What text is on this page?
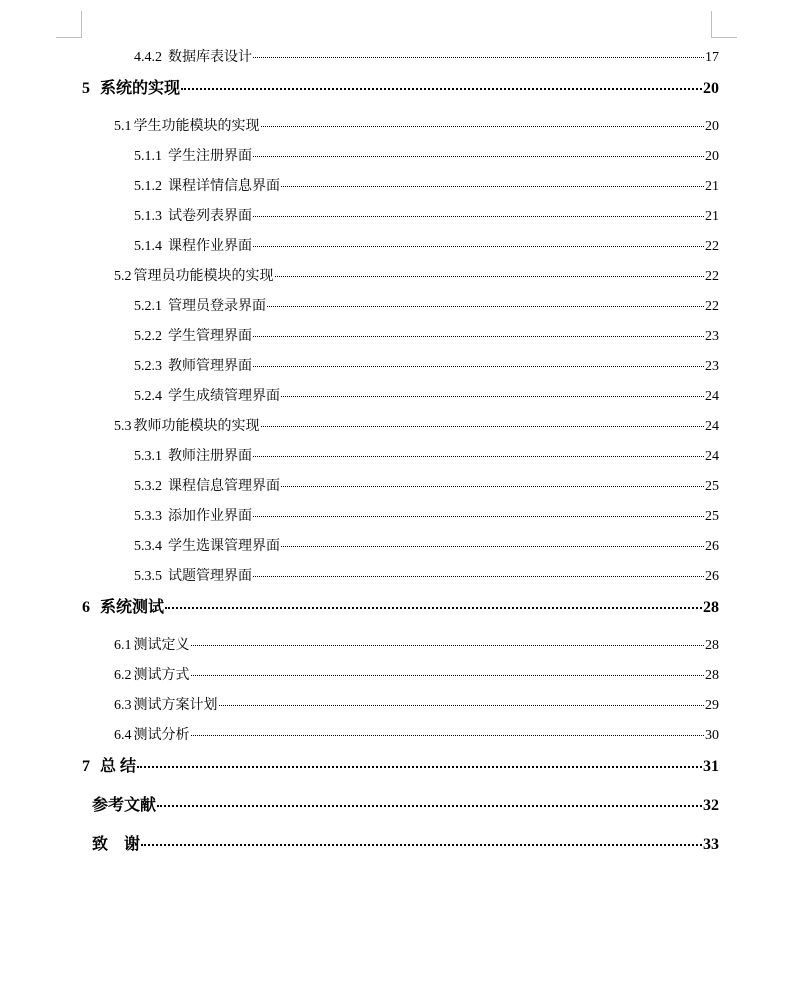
4.4.2 数据库表设计	17
5 系统的实现	20
5.1 学生功能模块的实现	20
5.1.1 学生注册界面	20
5.1.2 课程详情信息界面	21
5.1.3 试卷列表界面	21
5.1.4 课程作业界面	22
5.2 管理员功能模块的实现	22
5.2.1 管理员登录界面	22
5.2.2 学生管理界面	23
5.2.3 教师管理界面	23
5.2.4 学生成绩管理界面	24
5.3 教师功能模块的实现	24
5.3.1 教师注册界面	24
5.3.2 课程信息管理界面	25
5.3.3 添加作业界面	25
5.3.4 学生选课管理界面	26
5.3.5 试题管理界面	26
6 系统测试	28
6.1 测试定义	28
6.2 测试方式	28
6.3 测试方案计划	29
6.4 测试分析	30
7 总 结	31
参考文献	32
致　谢	33
